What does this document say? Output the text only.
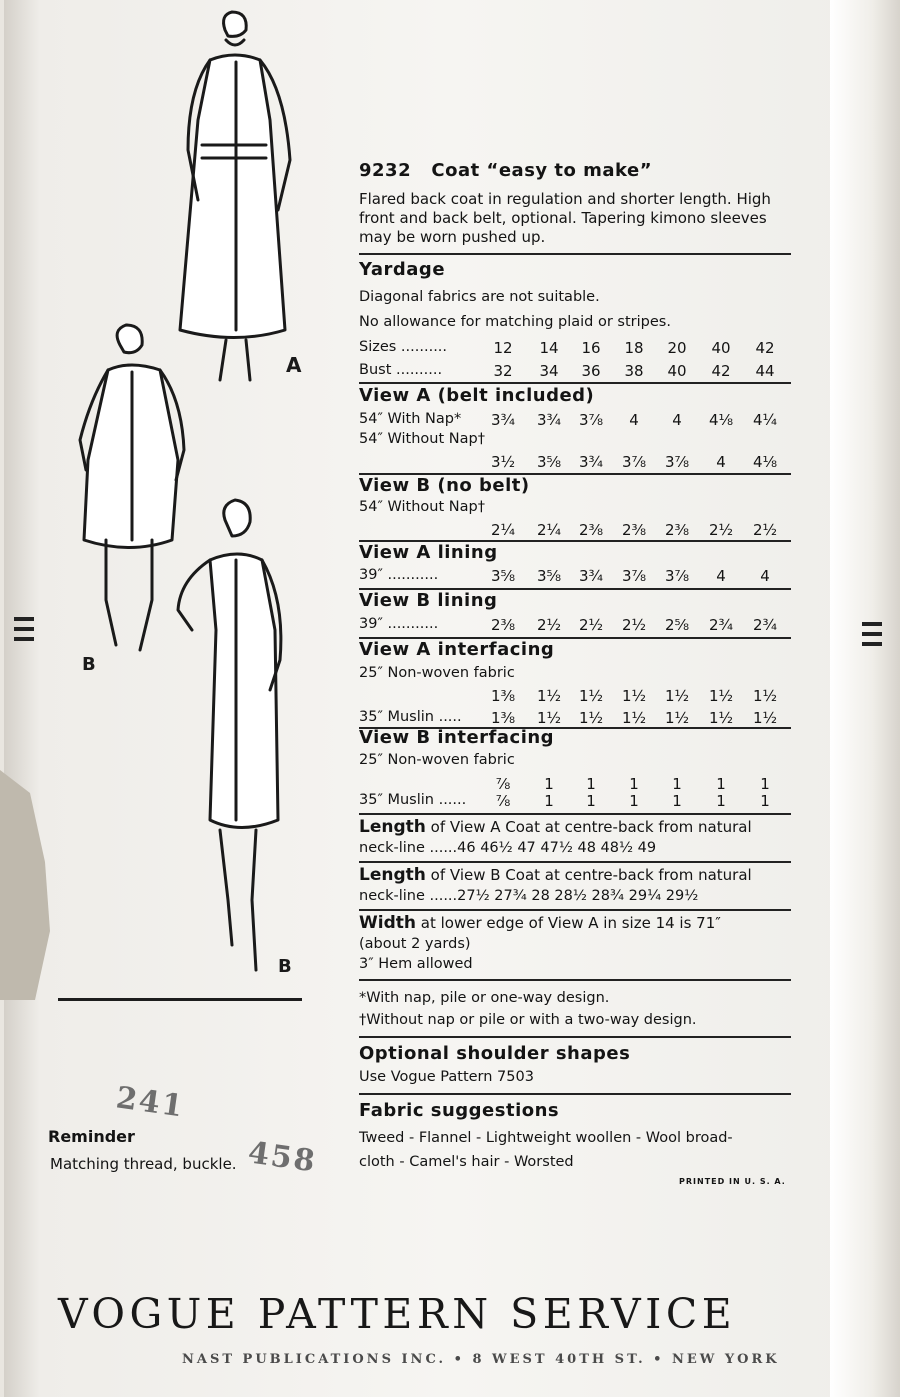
A
B
B
9232 Coat “easy to make”
Flared back coat in regulation and shorter length. High front and back belt, optional. Tapering kimono sleeves may be worn pushed up.
Yardage
Diagonal fabrics are not suitable.
No allowance for matching plaid or stripes.
Sizes ..........	12	14	16	18	20	40	42
Bust ..........	32	34	36	38	40	42	44
View A (belt included)
54″ With Nap* 3¾ 3¾ 3⅞	4	4	4⅛ 4¼
54″ Without Nap†
3½ 3⅝ 3¾ 3⅞ 3⅞	4	4⅛
View B (no belt)
54″ Without Nap†
2¼ 2¼ 2⅜ 2⅜ 2⅜ 2½ 2½
View A lining
39″ ...........	3⅝ 3⅝ 3¾ 3⅞ 3⅞	4	4
View B lining
39″ ...........	2⅜ 2½ 2½ 2½ 2⅝ 2¾ 2¾
View A interfacing
25″ Non-woven fabric
1⅜ 1½ 1½ 1½ 1½ 1½ 1½
35″ Muslin ..... 1⅜ 1½ 1½ 1½ 1½ 1½ 1½
View B interfacing
25″ Non-woven fabric
⅞	1	1	1	1	1	1
35″ Muslin ......	⅞	1	1	1	1	1	1
Length of View A Coat at centre-back from natural
neck-line ......46 46½ 47 47½ 48 48½ 49
Length of View B Coat at centre-back from natural
neck-line ......27½ 27¾ 28 28½ 28¾ 29¼ 29½
Width at lower edge of View A in size 14 is 71″
(about 2 yards)
3″ Hem allowed
*With nap, pile or one-way design.
†Without nap or pile or with a two-way design.
Optional shoulder shapes
Use Vogue Pattern 7503
Fabric suggestions
Tweed - Flannel - Lightweight woollen - Wool broad-
cloth - Camel's hair - Worsted
PRINTED IN U. S. A.
Reminder
Matching thread, buckle.
241
458
VOGUE PATTERN SERVICE
NAST PUBLICATIONS INC. • 8 WEST 40TH ST. • NEW YORK
